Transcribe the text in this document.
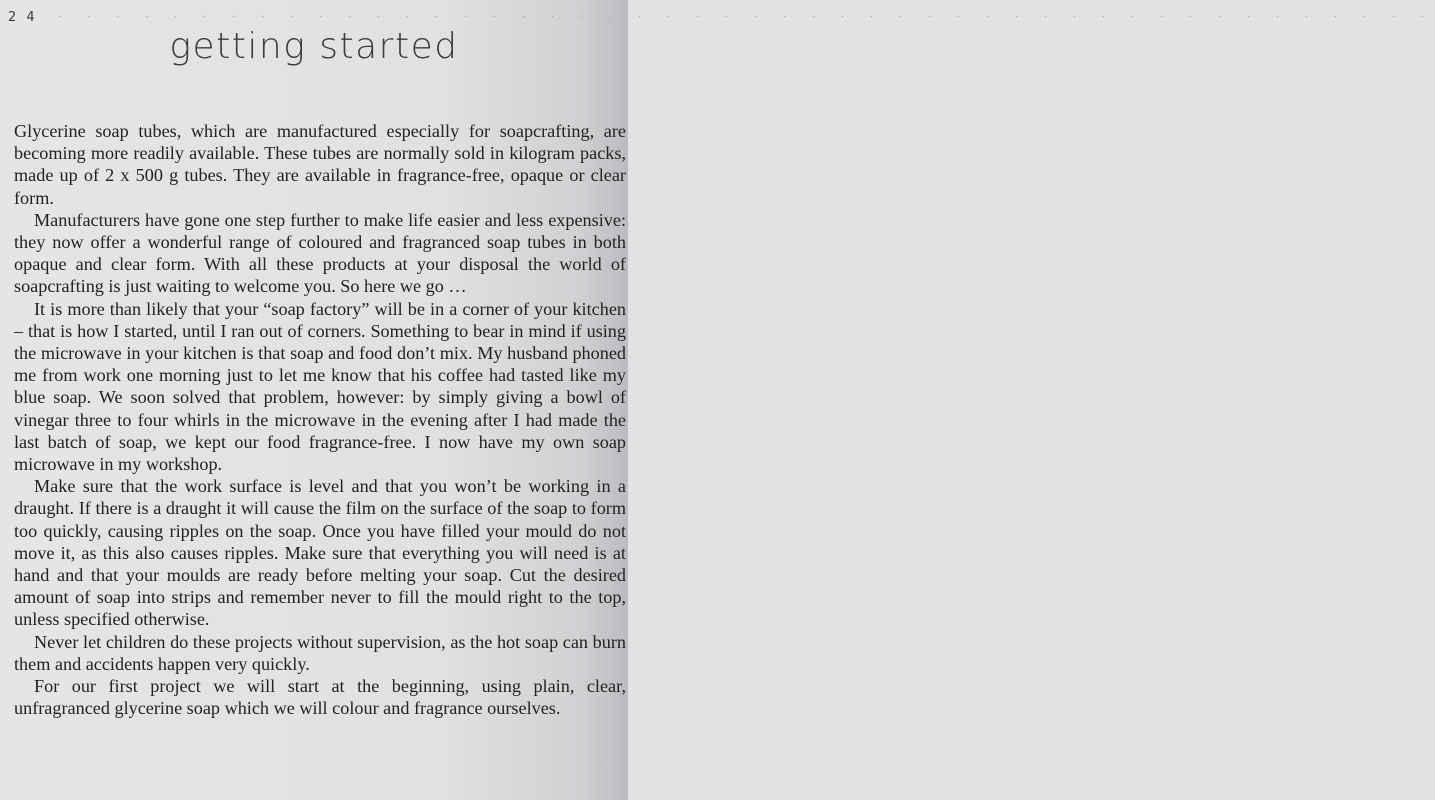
2 4 · · · · · · · · · · · · · · · · · · · · · · · · · · · · · · · · · · · · · · · · · · · · · · · ·
getting started

Glycerine soap tubes, which are manufactured especially for soapcrafting, are becoming more readily available. These tubes are normally sold in kilogram packs, made up of 2 x 500 g tubes. They are available in fragrance-free, opaque or clear form.

Manufacturers have gone one step further to make life easier and less expensive: they now offer a wonderful range of coloured and fragranced soap tubes in both opaque and clear form. With all these products at your disposal the world of soapcrafting is just waiting to welcome you. So here we go …

It is more than likely that your “soap factory” will be in a corner of your kitchen – that is how I started, until I ran out of corners. Something to bear in mind if using the microwave in your kitchen is that soap and food don’t mix. My husband phoned me from work one morning just to let me know that his coffee had tasted like my blue soap. We soon solved that problem, however: by simply giving a bowl of vinegar three to four whirls in the microwave in the evening after I had made the last batch of soap, we kept our food fragrance-free. I now have my own soap microwave in my workshop.

Make sure that the work surface is level and that you won’t be working in a draught. If there is a draught it will cause the film on the surface of the soap to form too quickly, causing ripples on the soap. Once you have filled your mould do not move it, as this also causes ripples. Make sure that everything you will need is at hand and that your moulds are ready before melting your soap. Cut the desired amount of soap into strips and remember never to fill the mould right to the top, unless specified otherwise.

Never let children do these projects without supervision, as the hot soap can burn them and accidents happen very quickly.

For our first project we will start at the beginning, using plain, clear, unfragranced glycerine soap which we will colour and fragrance ourselves.
